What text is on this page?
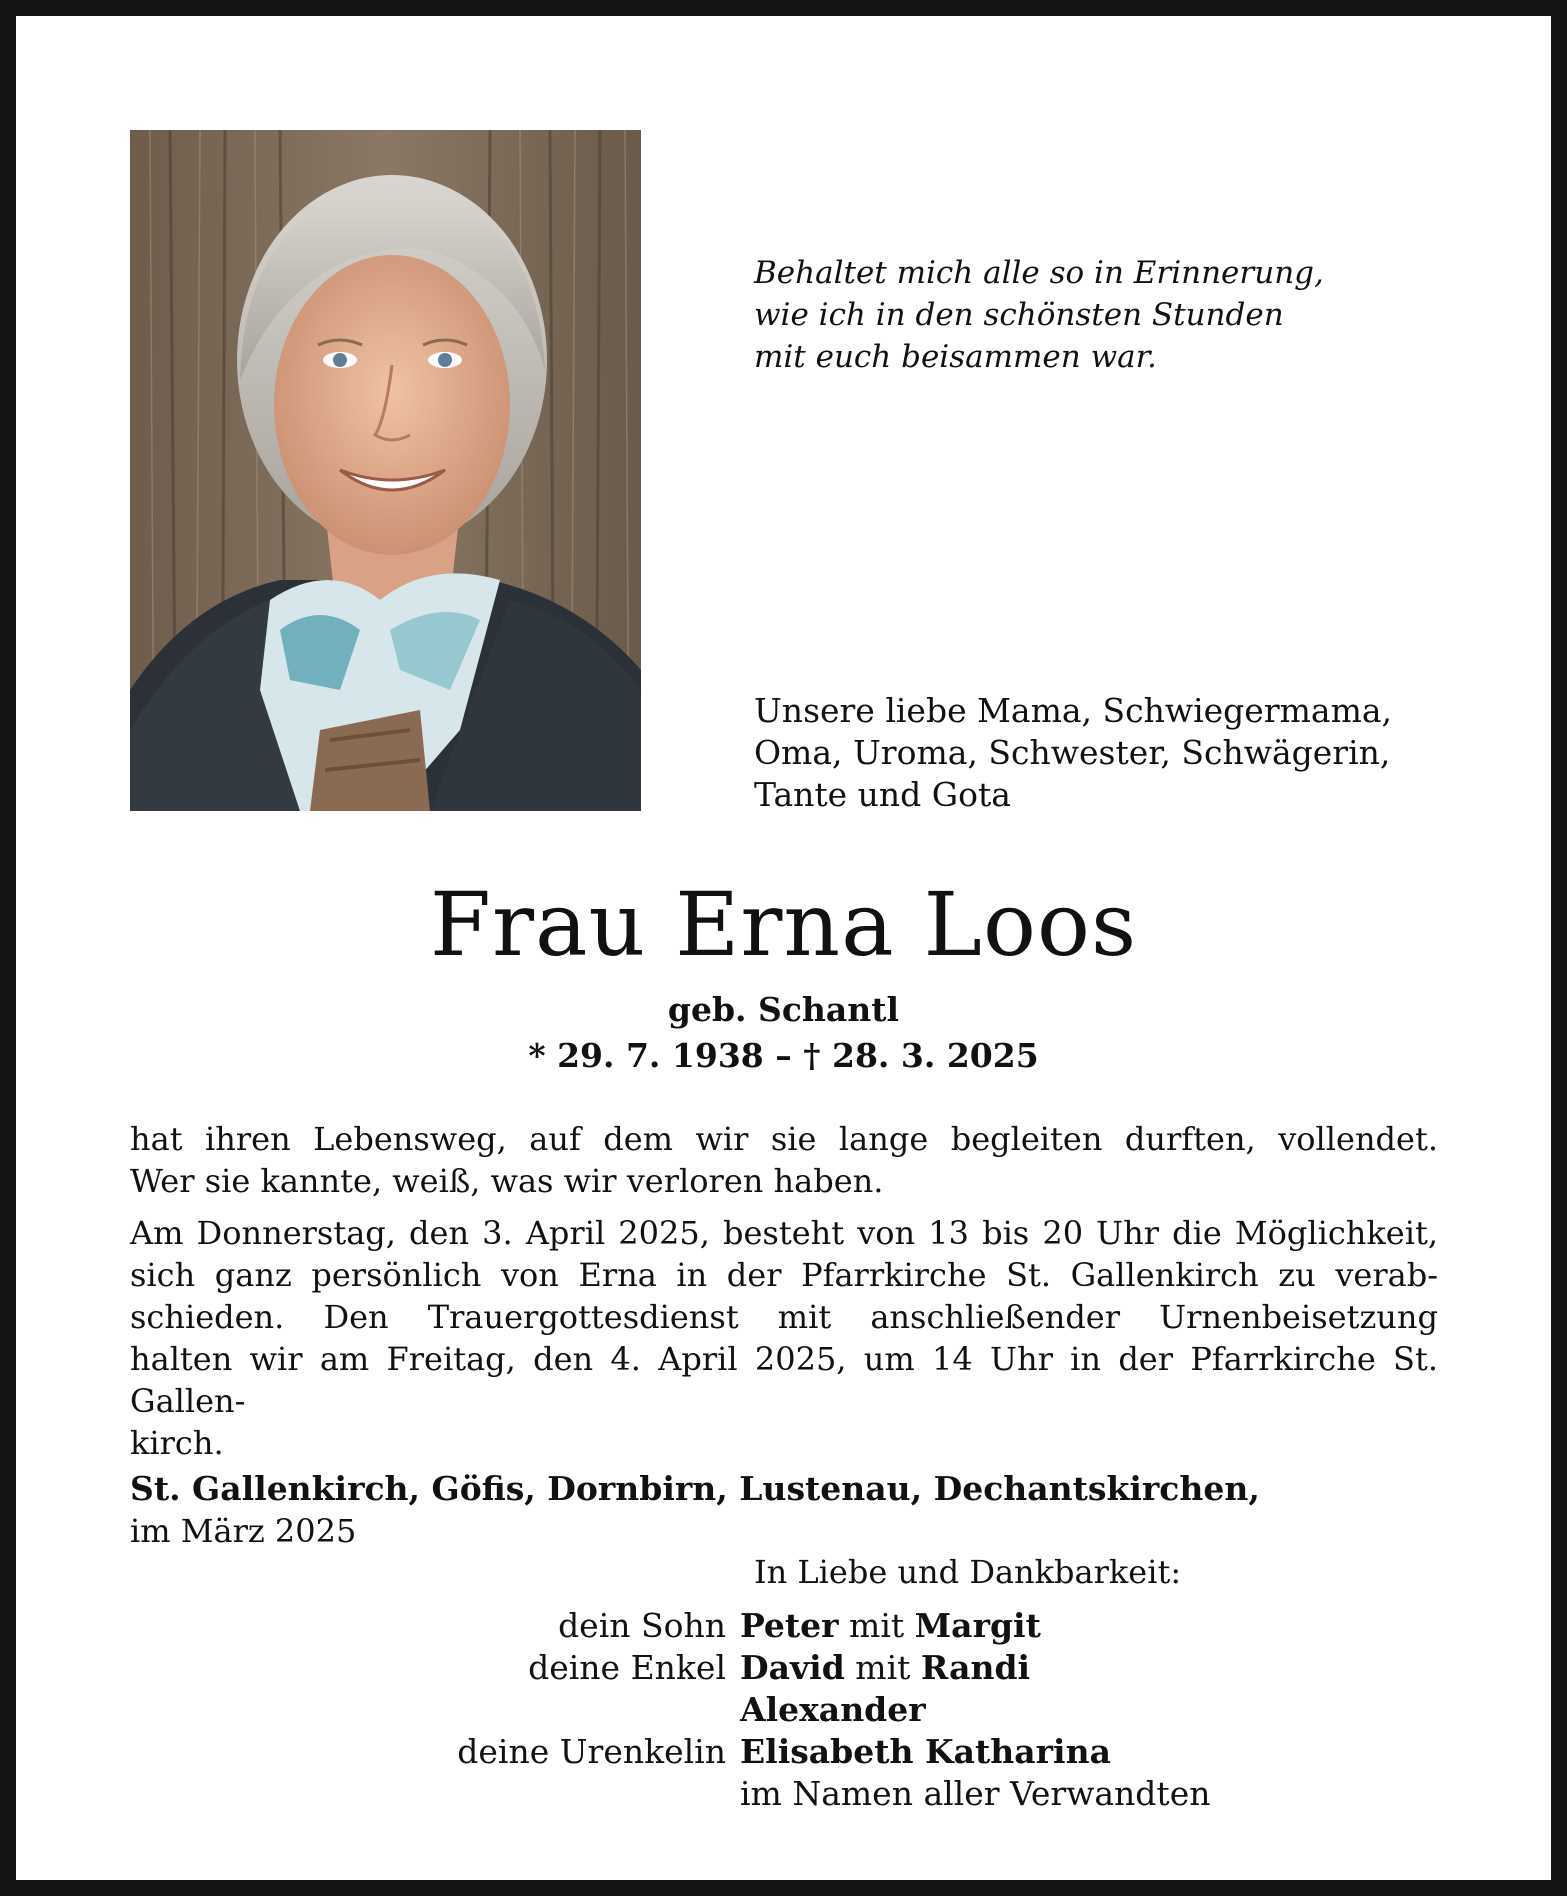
Behaltet mich alle so in Erinnerung,
wie ich in den schönsten Stunden
mit euch beisammen war.
Unsere liebe Mama, Schwiegermama,
Oma, Uroma, Schwester, Schwägerin,
Tante und Gota
Frau Erna Loos
geb. Schantl
* 29. 7. 1938 – † 28. 3. 2025

hat ihren Lebensweg, auf dem wir sie lange begleiten durften, vollendet.
Wer sie kannte, weiß, was wir verloren haben.

Am Donnerstag, den 3. April 2025, besteht von 13 bis 20 Uhr die Möglichkeit,
sich ganz persönlich von Erna in der Pfarrkirche St. Gallenkirch zu verab-
schieden. Den Trauergottesdienst mit anschließender Urnenbeisetzung
halten wir am Freitag, den 4. April 2025, um 14 Uhr in der Pfarrkirche St. Gallen-
kirch.

St. Gallenkirch, Göfis, Dornbirn, Lustenau, Dechantskirchen,
im März 2025
In Liebe und Dankbarkeit:
dein Sohn Peter mit Margit
deine Enkel David mit Randi
Alexander
deine Urenkelin Elisabeth Katharina
im Namen aller Verwandten
